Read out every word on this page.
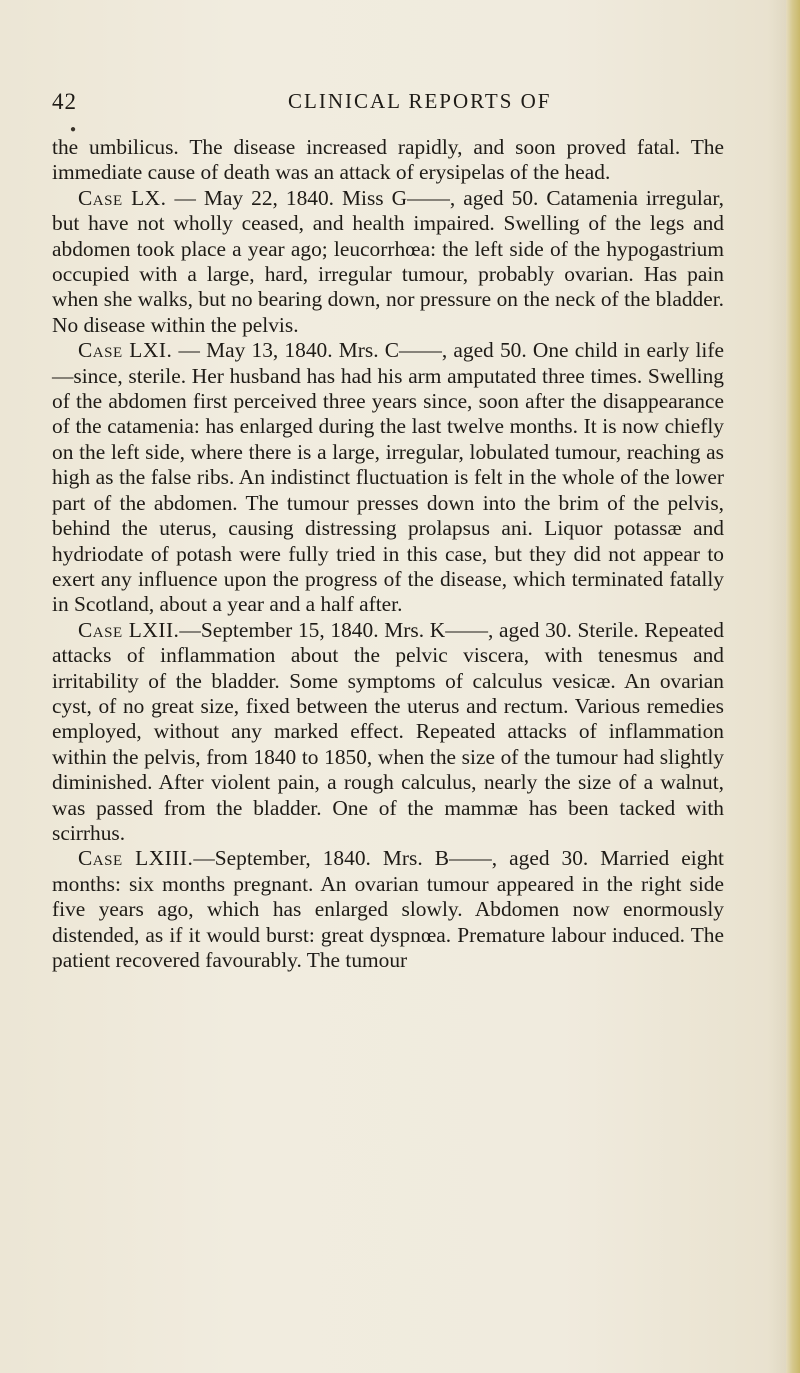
42	CLINICAL REPORTS OF
●

the umbilicus. The disease increased rapidly, and soon proved fatal. The immediate cause of death was an attack of erysipelas of the head.

Case LX. — May 22, 1840. Miss G——, aged 50. Catamenia irregular, but have not wholly ceased, and health impaired. Swelling of the legs and abdomen took place a year ago; leucorrhœa: the left side of the hypogastrium occupied with a large, hard, irregular tumour, probably ovarian. Has pain when she walks, but no bearing down, nor pressure on the neck of the bladder. No disease within the pelvis.

Case LXI. — May 13, 1840. Mrs. C——, aged 50. One child in early life—since, sterile. Her husband has had his arm amputated three times. Swelling of the abdomen first perceived three years since, soon after the disappearance of the catamenia: has enlarged during the last twelve months. It is now chiefly on the left side, where there is a large, irregular, lobulated tumour, reaching as high as the false ribs. An indistinct fluctuation is felt in the whole of the lower part of the abdomen. The tumour presses down into the brim of the pelvis, behind the uterus, causing distressing prolapsus ani. Liquor potassæ and hydriodate of potash were fully tried in this case, but they did not appear to exert any influence upon the progress of the disease, which terminated fatally in Scotland, about a year and a half after.

Case LXII.—September 15, 1840. Mrs. K——, aged 30. Sterile. Repeated attacks of inflammation about the pelvic viscera, with tenesmus and irritability of the bladder. Some symptoms of calculus vesicæ. An ovarian cyst, of no great size, fixed between the uterus and rectum. Various remedies employed, without any marked effect. Repeated attacks of inflammation within the pelvis, from 1840 to 1850, when the size of the tumour had slightly diminished. After violent pain, a rough calculus, nearly the size of a walnut, was passed from the bladder. One of the mammæ has been tacked with scirrhus.

Case LXIII.—September, 1840. Mrs. B——, aged 30. Married eight months: six months pregnant. An ovarian tumour appeared in the right side five years ago, which has enlarged slowly. Abdomen now enormously distended, as if it would burst: great dyspnœa. Premature labour induced. The patient recovered favourably. The tumour
